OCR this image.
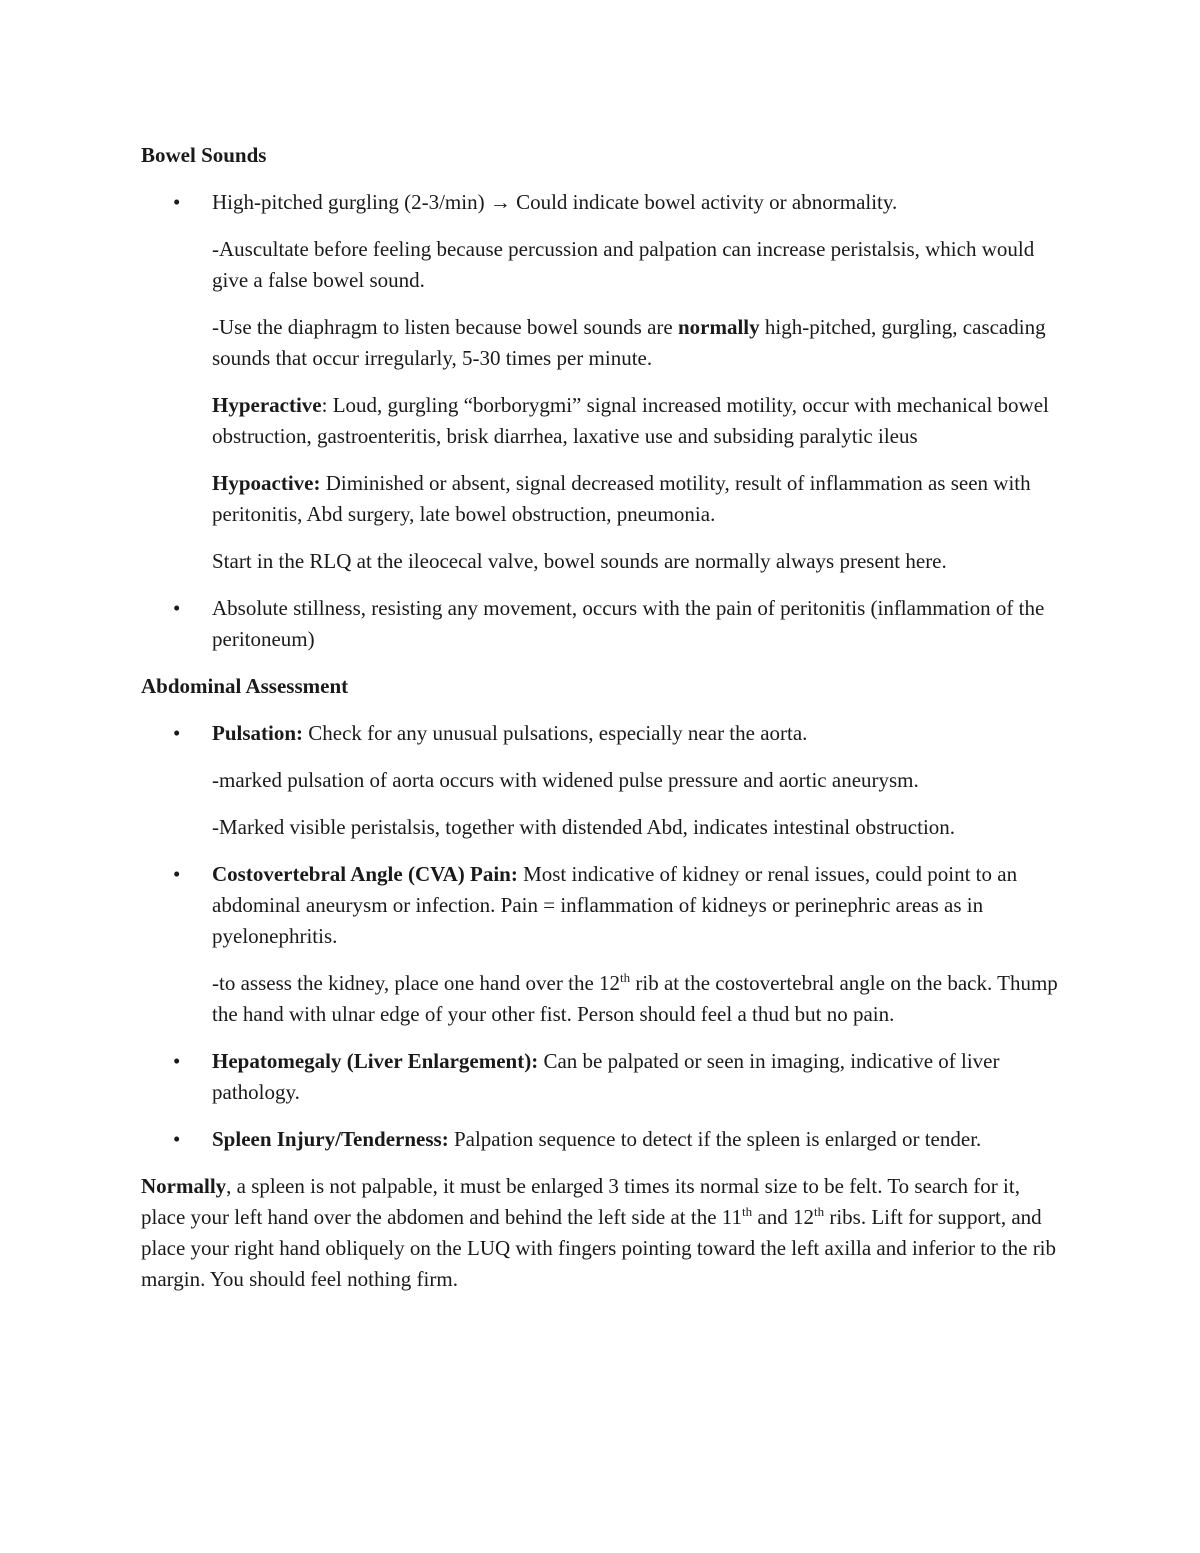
Bowel Sounds

• High-pitched gurgling (2-3/min) → Could indicate bowel activity or abnormality.

-Auscultate before feeling because percussion and palpation can increase peristalsis, which would give a false bowel sound.

-Use the diaphragm to listen because bowel sounds are normally high-pitched, gurgling, cascading sounds that occur irregularly, 5-30 times per minute.

Hyperactive: Loud, gurgling “borborygmi” signal increased motility, occur with mechanical bowel obstruction, gastroenteritis, brisk diarrhea, laxative use and subsiding paralytic ileus

Hypoactive: Diminished or absent, signal decreased motility, result of inflammation as seen with peritonitis, Abd surgery, late bowel obstruction, pneumonia.

Start in the RLQ at the ileocecal valve, bowel sounds are normally always present here.

• Absolute stillness, resisting any movement, occurs with the pain of peritonitis (inflammation of the peritoneum)

Abdominal Assessment

• Pulsation: Check for any unusual pulsations, especially near the aorta.

-marked pulsation of aorta occurs with widened pulse pressure and aortic aneurysm.

-Marked visible peristalsis, together with distended Abd, indicates intestinal obstruction.

• Costovertebral Angle (CVA) Pain: Most indicative of kidney or renal issues, could point to an abdominal aneurysm or infection. Pain = inflammation of kidneys or perinephric areas as in pyelonephritis.

-to assess the kidney, place one hand over the 12th rib at the costovertebral angle on the back. Thump the hand with ulnar edge of your other fist. Person should feel a thud but no pain.

• Hepatomegaly (Liver Enlargement): Can be palpated or seen in imaging, indicative of liver pathology.
• Spleen Injury/Tenderness: Palpation sequence to detect if the spleen is enlarged or tender.

Normally, a spleen is not palpable, it must be enlarged 3 times its normal size to be felt. To search for it, place your left hand over the abdomen and behind the left side at the 11th and 12th ribs. Lift for support, and place your right hand obliquely on the LUQ with fingers pointing toward the left axilla and inferior to the rib margin. You should feel nothing firm.
